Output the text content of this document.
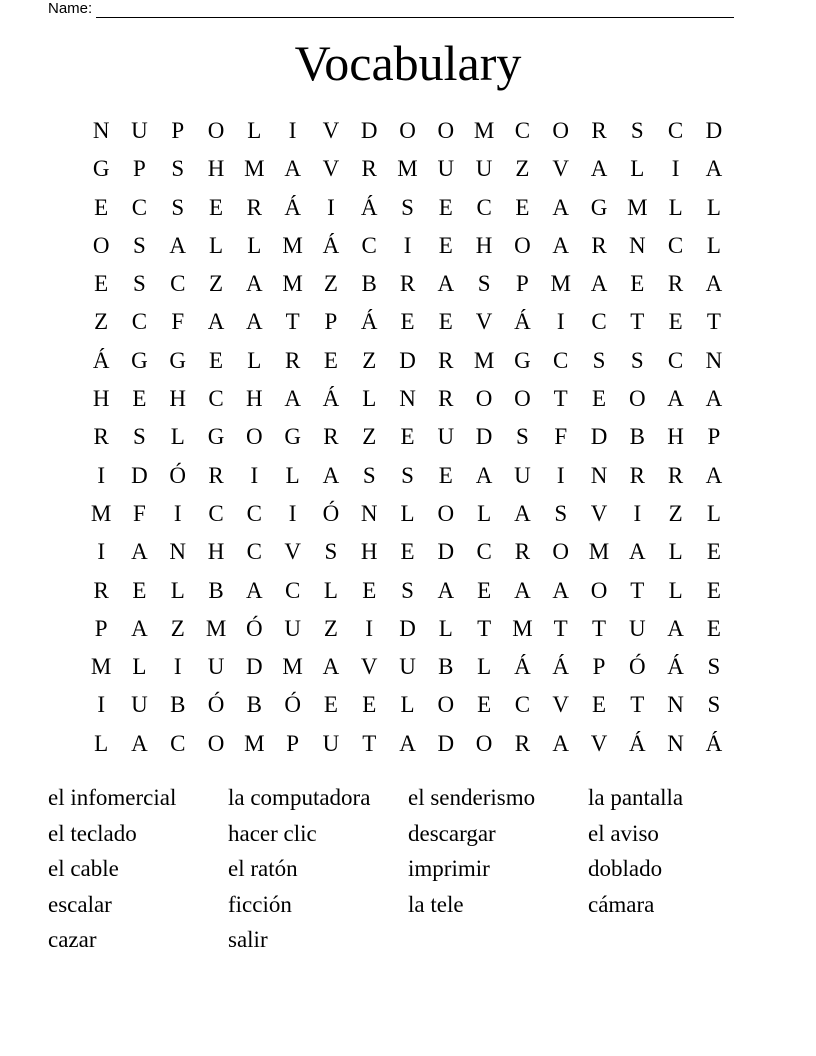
Name:
Vocabulary
N U	P	O L	I	V D O O M C O R	S	C D
G	P	S	H M A V R M U U Z V A L	I	A
E	C	S	E	R Á	I	Á	S	E	C	E A G M L	L
O	S	A L	L M Á C	I	E H O A R N C	L
E	S	C	Z A M Z	B R A	S	P M A E	R A
Z	C	F	A A T	P	Á E	E V Á	I	C	T	E	T
Á G G E	L	R	E	Z D R M G C	S	S	C N
H E H C H A Á L N R O O T	E O A A
R	S	L G O G R	Z	E U D	S	F	D B H	P
I	D Ó R	I	L A	S	S	E A U	I	N R R A
M F	I	C C	I	Ó N L O L A	S	V	I	Z	L
I	A N H C V	S	H E D C R O M A L	E
R	E	L	B A C	L	E	S	A E A A O T	L	E
P	A Z M Ó U Z	I	D L	T M T	T U A E
M L	I	U D M A V U B	L Á Á	P	Ó Á	S
I	U B Ó B Ó E	E	L O E	C V E	T N	S
L A C O M P	U T A D O R A V Á N Á
el infomercial	la computadora	el senderismo	la pantalla
el teclado	hacer clic	descargar	el aviso
el cable	el ratón	imprimir	doblado
escalar	ficción	la tele	cámara
cazar	salir
